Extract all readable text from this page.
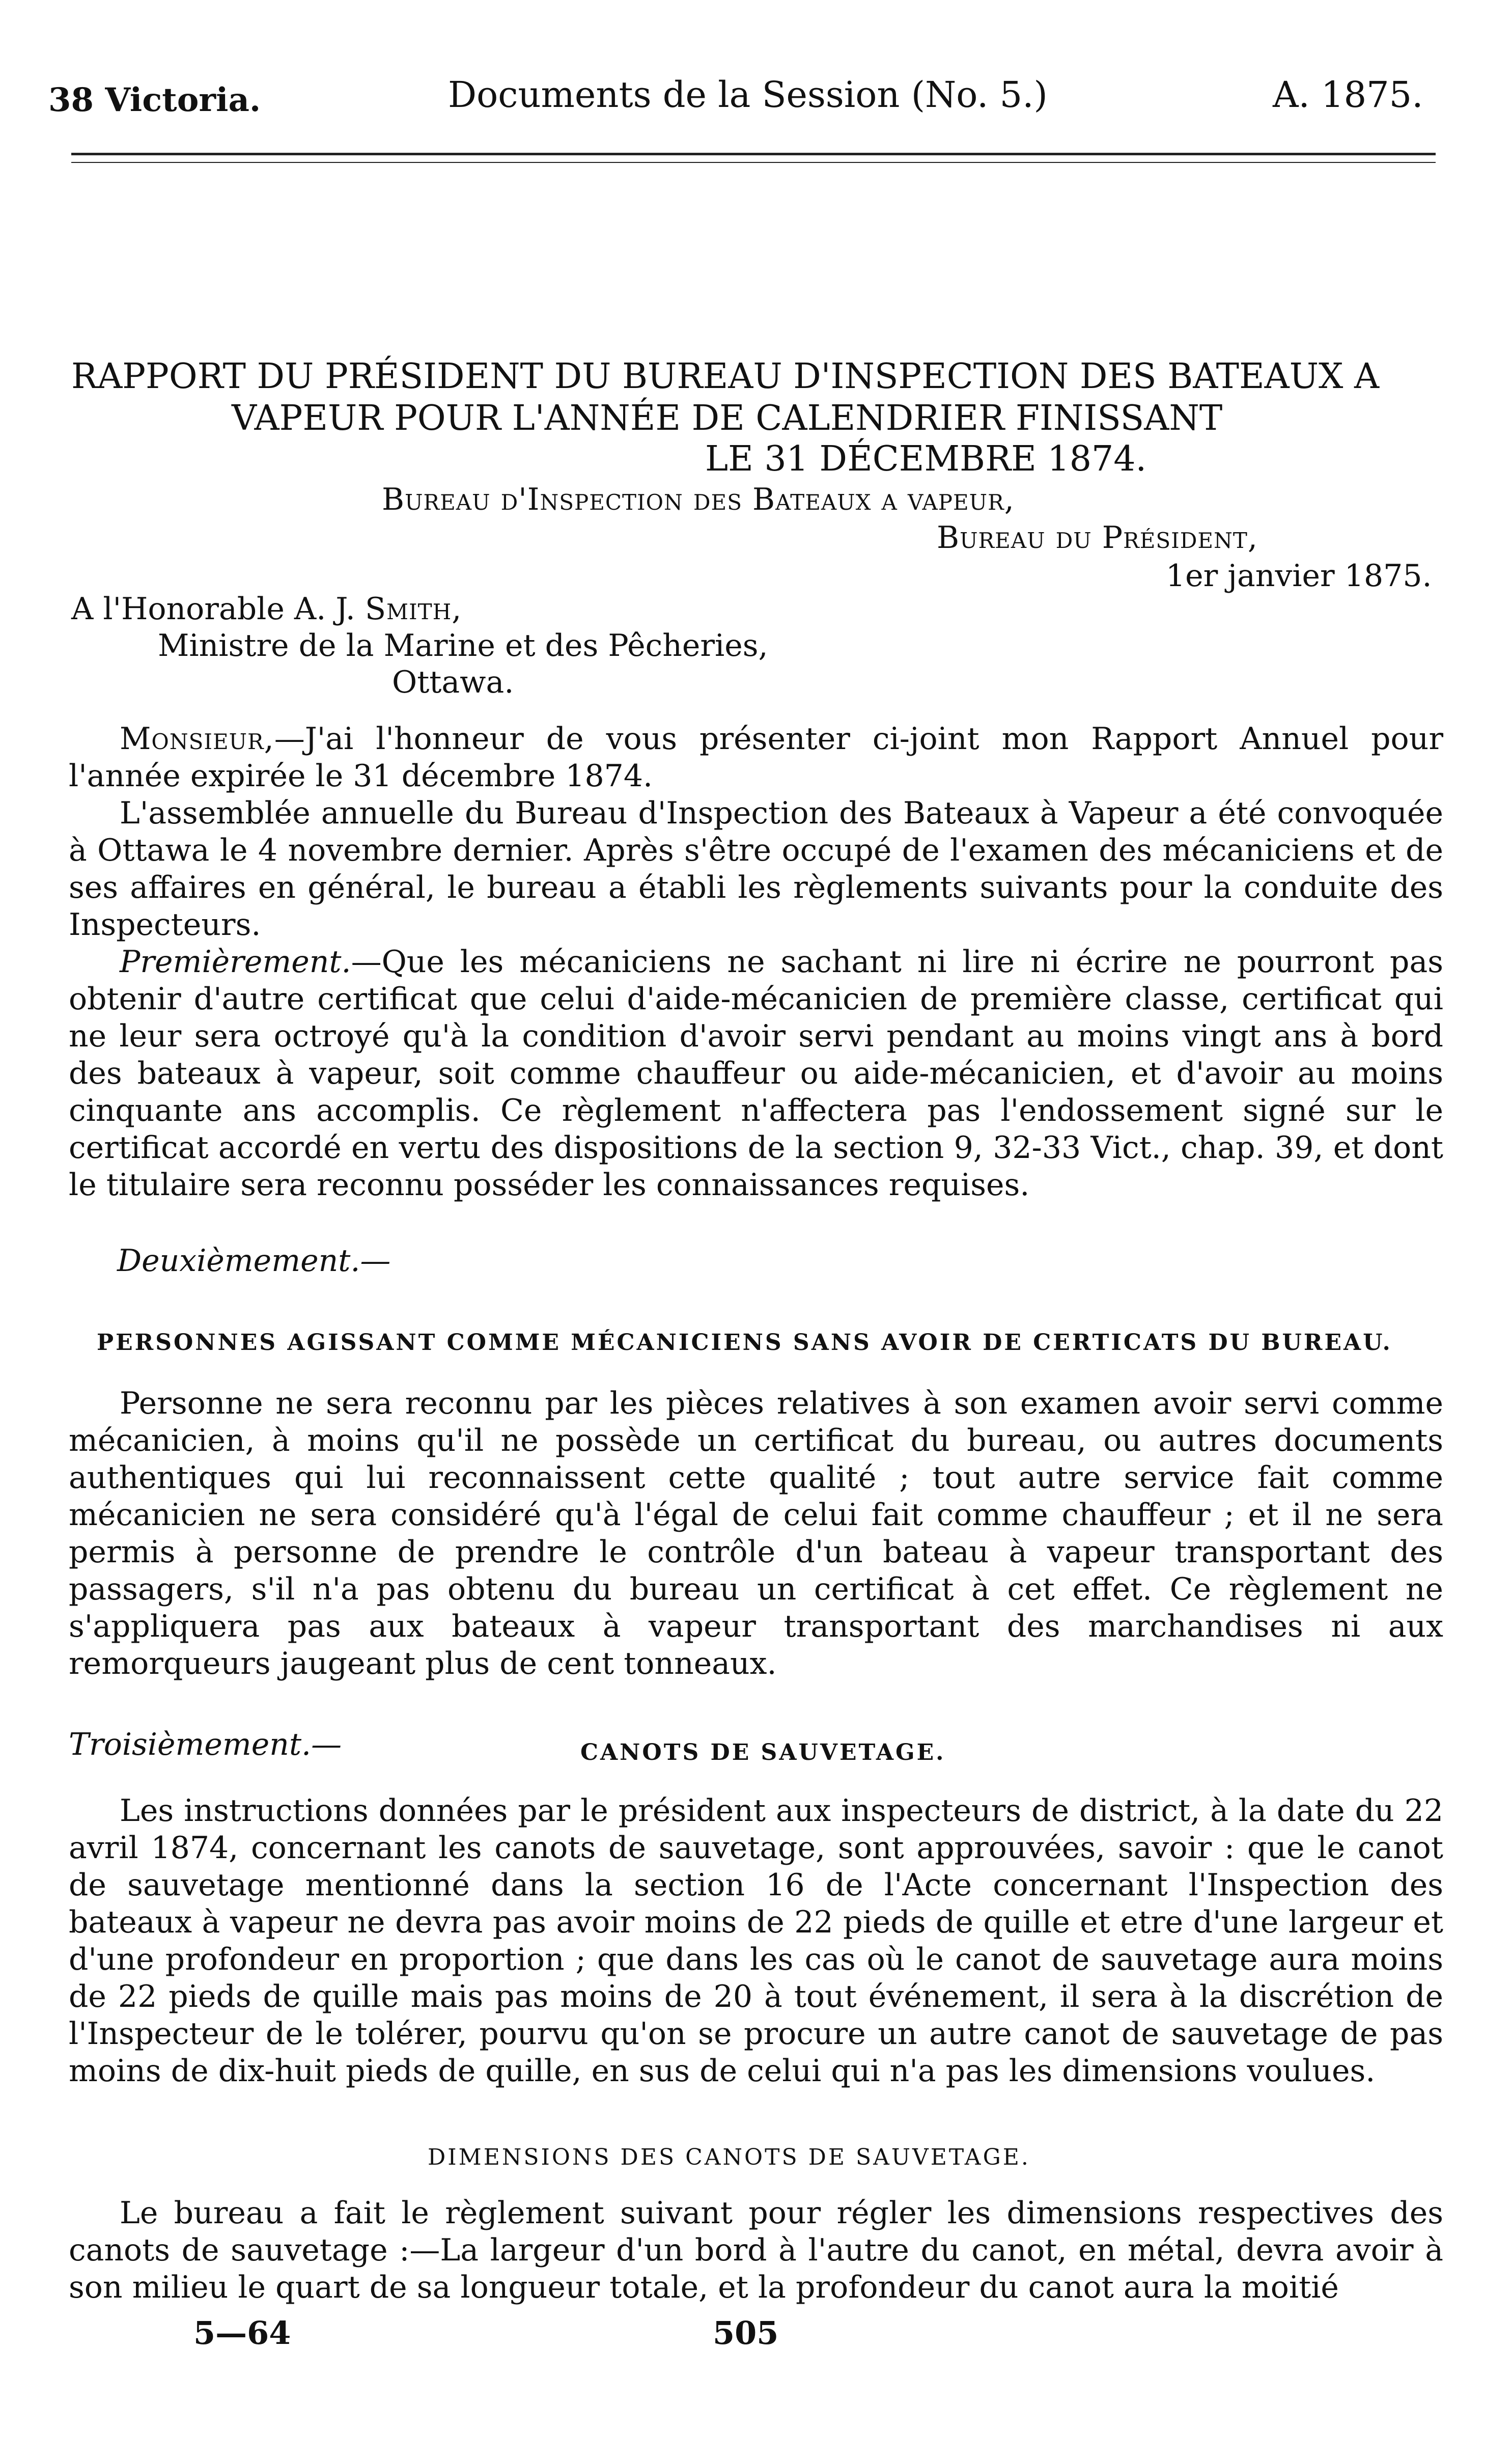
38 Victoria.	Documents de la Session (No. 5.)	A. 1875.
RAPPORT DU PRÉSIDENT DU BUREAU D'INSPECTION DES BATEAUX A
VAPEUR POUR L'ANNÉE DE CALENDRIER FINISSANT
LE 31 DÉCEMBRE 1874.
Bureau d'Inspection des Bateaux a vapeur,
Bureau du Président,
1er janvier 1875.
A l'Honorable A. J. Smith,
Ministre de la Marine et des Pêcheries,
Ottawa.

Monsieur,—J'ai l'honneur de vous présenter ci-joint mon Rapport Annuel pour l'année expirée le 31 décembre 1874.

L'assemblée annuelle du Bureau d'Inspection des Bateaux à Vapeur a été convoquée à Ottawa le 4 novembre dernier. Après s'être occupé de l'examen des mécaniciens et de ses affaires en général, le bureau a établi les règlements suivants pour la conduite des Inspecteurs.

Premièrement.—Que les mécaniciens ne sachant ni lire ni écrire ne pourront pas obtenir d'autre certificat que celui d'aide-mécanicien de première classe, certificat qui ne leur sera octroyé qu'à la condition d'avoir servi pendant au moins vingt ans à bord des bateaux à vapeur, soit comme chauffeur ou aide-mécanicien, et d'avoir au moins cinquante ans accomplis. Ce règlement n'affectera pas l'endossement signé sur le certificat accordé en vertu des dispositions de la section 9, 32-33 Vict., chap. 39, et dont le titulaire sera reconnu posséder les connaissances requises.

Deuxièmement.—
PERSONNES AGISSANT COMME MÉCANICIENS SANS AVOIR DE CERTICATS DU BUREAU.

Personne ne sera reconnu par les pièces relatives à son examen avoir servi comme mécanicien, à moins qu'il ne possède un certificat du bureau, ou autres documents authentiques qui lui reconnaissent cette qualité ; tout autre service fait comme mécanicien ne sera considéré qu'à l'égal de celui fait comme chauffeur ; et il ne sera permis à personne de prendre le contrôle d'un bateau à vapeur transportant des passagers, s'il n'a pas obtenu du bureau un certificat à cet effet. Ce règlement ne s'appliquera pas aux bateaux à vapeur transportant des marchandises ni aux remorqueurs jaugeant plus de cent tonneaux.

Troisièmement.—	CANOTS DE SAUVETAGE.

Les instructions données par le président aux inspecteurs de district, à la date du 22 avril 1874, concernant les canots de sauvetage, sont approuvées, savoir : que le canot de sauvetage mentionné dans la section 16 de l'Acte concernant l'Inspection des bateaux à vapeur ne devra pas avoir moins de 22 pieds de quille et etre d'une largeur et d'une profondeur en proportion ; que dans les cas où le canot de sauvetage aura moins de 22 pieds de quille mais pas moins de 20 à tout événement, il sera à la discrétion de l'Inspecteur de le tolérer, pourvu qu'on se procure un autre canot de sauvetage de pas moins de dix-huit pieds de quille, en sus de celui qui n'a pas les dimensions voulues.

DIMENSIONS DES CANOTS DE SAUVETAGE.

Le bureau a fait le règlement suivant pour régler les dimensions respectives des canots de sauvetage :—La largeur d'un bord à l'autre du canot, en métal, devra avoir à son milieu le quart de sa longueur totale, et la profondeur du canot aura la moitié

5—64	505
